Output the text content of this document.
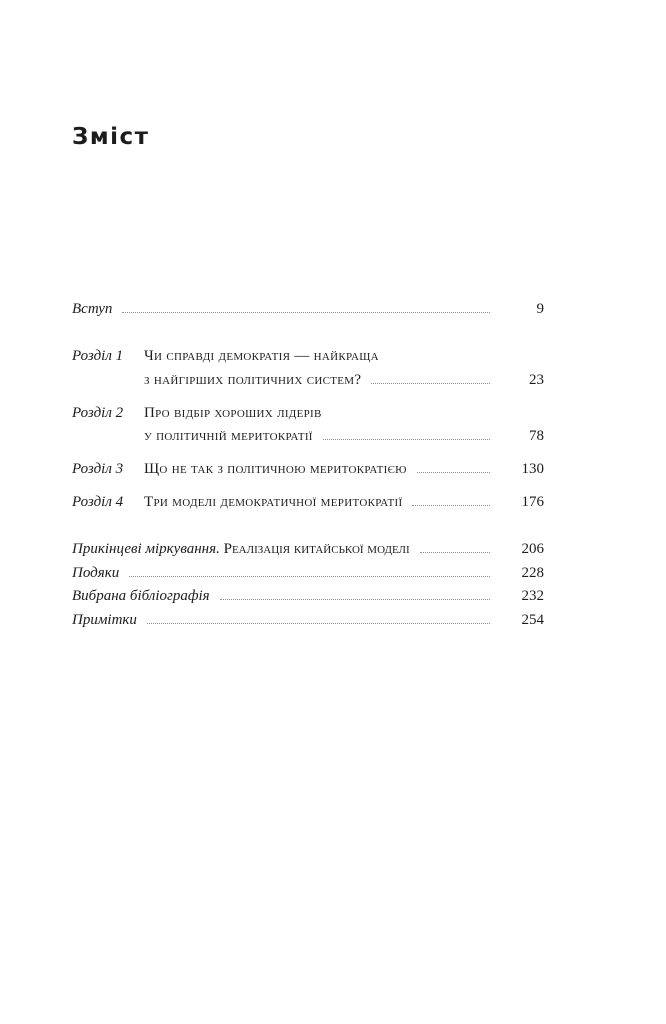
Зміст
Вступ	9
Розділ 1 Чи справді демократія — найкраща
з найгірших політичних систем?	23
Розділ 2 Про відбір хороших лідерів
у політичній меритократії	78
Розділ 3 Що не так з політичною меритократією	130
Розділ 4 Три моделі демократичної меритократії	176
Прикінцеві міркування. Реалізація китайської моделі	206
Подяки	228
Вибрана бібліографія	232
Примітки	254
